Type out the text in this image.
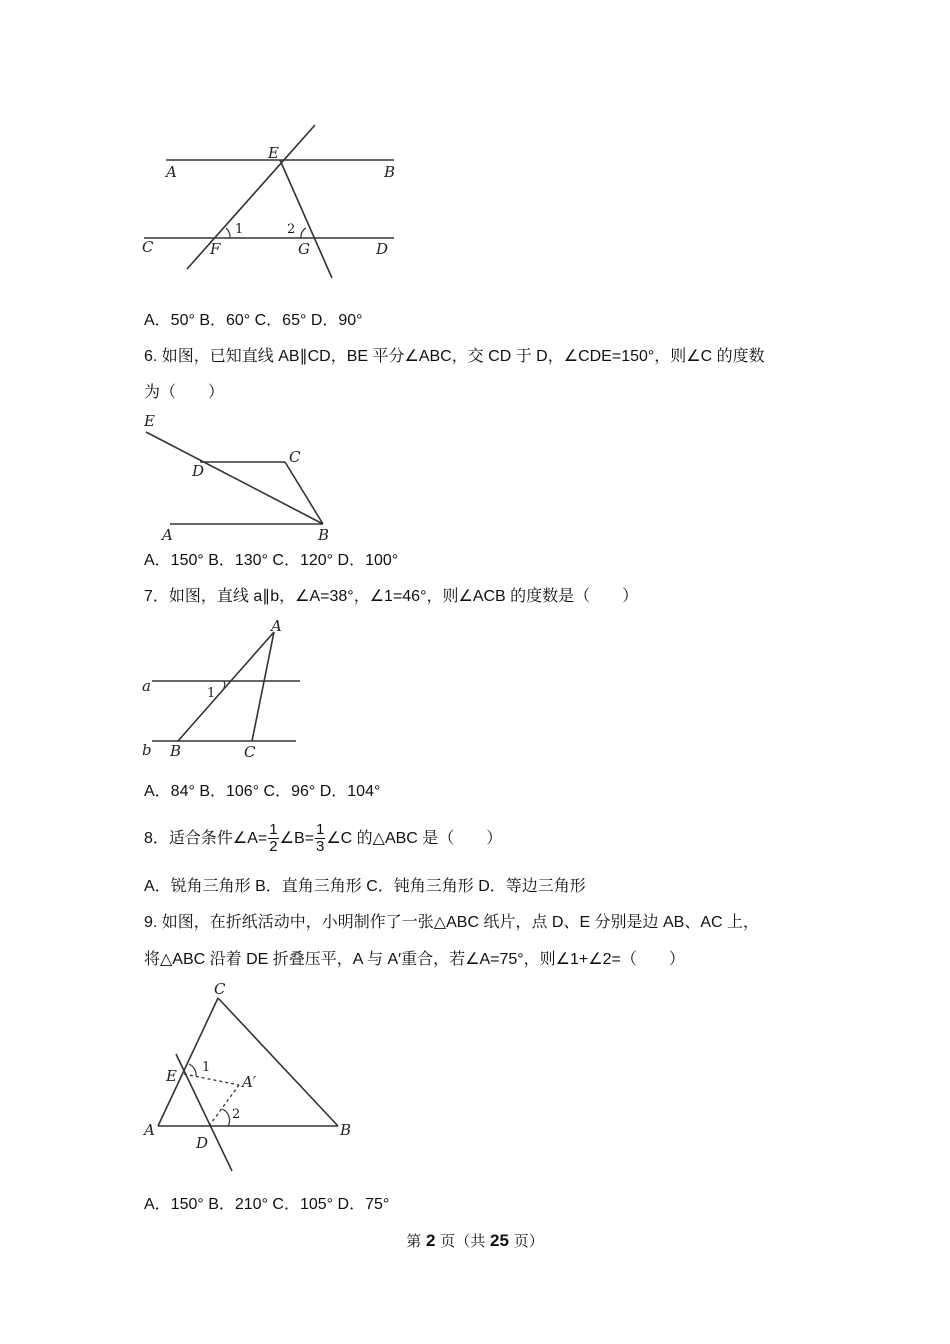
E
A	B
C	F	G	D
1	2
A．50° B．60° C．65° D．90°
6. 如图，已知直线 AB∥CD，BE 平分∠ABC，交 CD 于 D，∠CDE=150°，则∠C 的度数
为（　　）
E
D
C
A	B
A．150° B．130° C．120° D．100°
7．如图，直线 a∥b，∠A=38°，∠1=46°，则∠ACB 的度数是（　　）
A
a	1
b B	C
A．84° B．106° C．96° D．104°
8．适合条件∠A= $\frac{1}{2}$ ∠B= $\frac{1}{3}$ ∠C 的△ABC 是（　　）
A．锐角三角形 B．直角三角形 C．钝角三角形 D．等边三角形
9. 如图，在折纸活动中，小明制作了一张△ABC 纸片，点 D、E 分别是边 AB、AC 上，
将△ABC 沿着 DE 折叠压平，A 与 A′重合，若∠A=75°，则∠1+∠2=（　　）
C
E 1
A′
2
A
D
B
A．150° B．210° C．105° D．75°
第 2 页（共 25 页）
